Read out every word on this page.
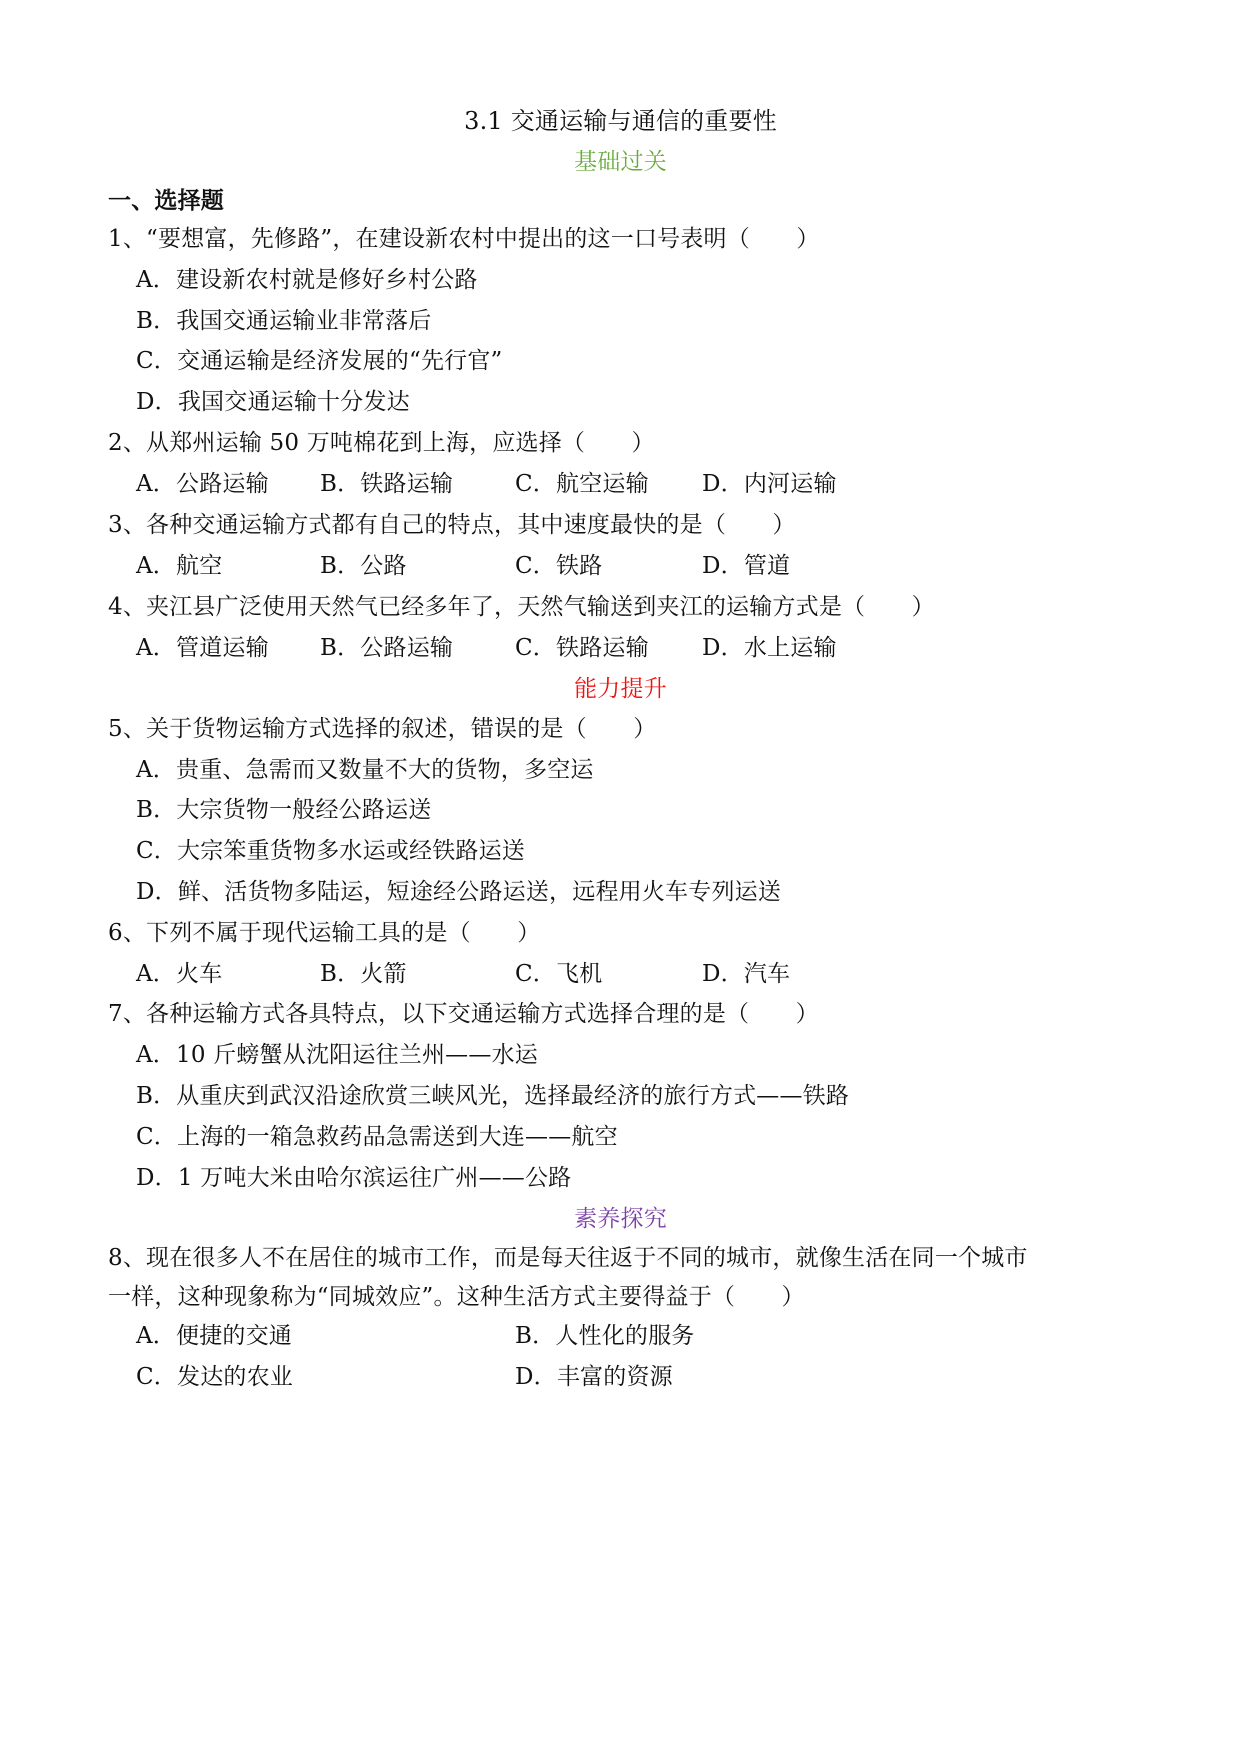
3.1 交通运输与通信的重要性
基础过关
一、选择题
1、“要想富，先修路”，在建设新农村中提出的这一口号表明（　　）
A．建设新农村就是修好乡村公路
B．我国交通运输业非常落后
C．交通运输是经济发展的“先行官”
D．我国交通运输十分发达
2、从郑州运输 50 万吨棉花到上海，应选择（　　）
A．公路运输 B．铁路运输	C．航空运输 D．内河运输
3、各种交通运输方式都有自己的特点，其中速度最快的是（　　）
A．航空	B．公路	C．铁路	D．管道
4、夹江县广泛使用天然气已经多年了，天然气输送到夹江的运输方式是（　　）
A．管道运输 B．公路运输	C．铁路运输 D．水上运输
能力提升
5、关于货物运输方式选择的叙述，错误的是（　　）
A．贵重、急需而又数量不大的货物，多空运
B．大宗货物一般经公路运送
C．大宗笨重货物多水运或经铁路运送
D．鲜、活货物多陆运，短途经公路运送，远程用火车专列运送
6、下列不属于现代运输工具的是（　　）
A．火车	B．火箭	C．飞机	D．汽车
7、各种运输方式各具特点，以下交通运输方式选择合理的是（　　）
A．10 斤螃蟹从沈阳运往兰州——水运
B．从重庆到武汉沿途欣赏三峡风光，选择最经济的旅行方式——铁路
C．上海的一箱急救药品急需送到大连——航空
D．1 万吨大米由哈尔滨运往广州——公路
素养探究
8、现在很多人不在居住的城市工作，而是每天往返于不同的城市，就像生活在同一个城市
一样，这种现象称为“同城效应”。这种生活方式主要得益于（　　）
A．便捷的交通	B．人性化的服务
C．发达的农业	D．丰富的资源
